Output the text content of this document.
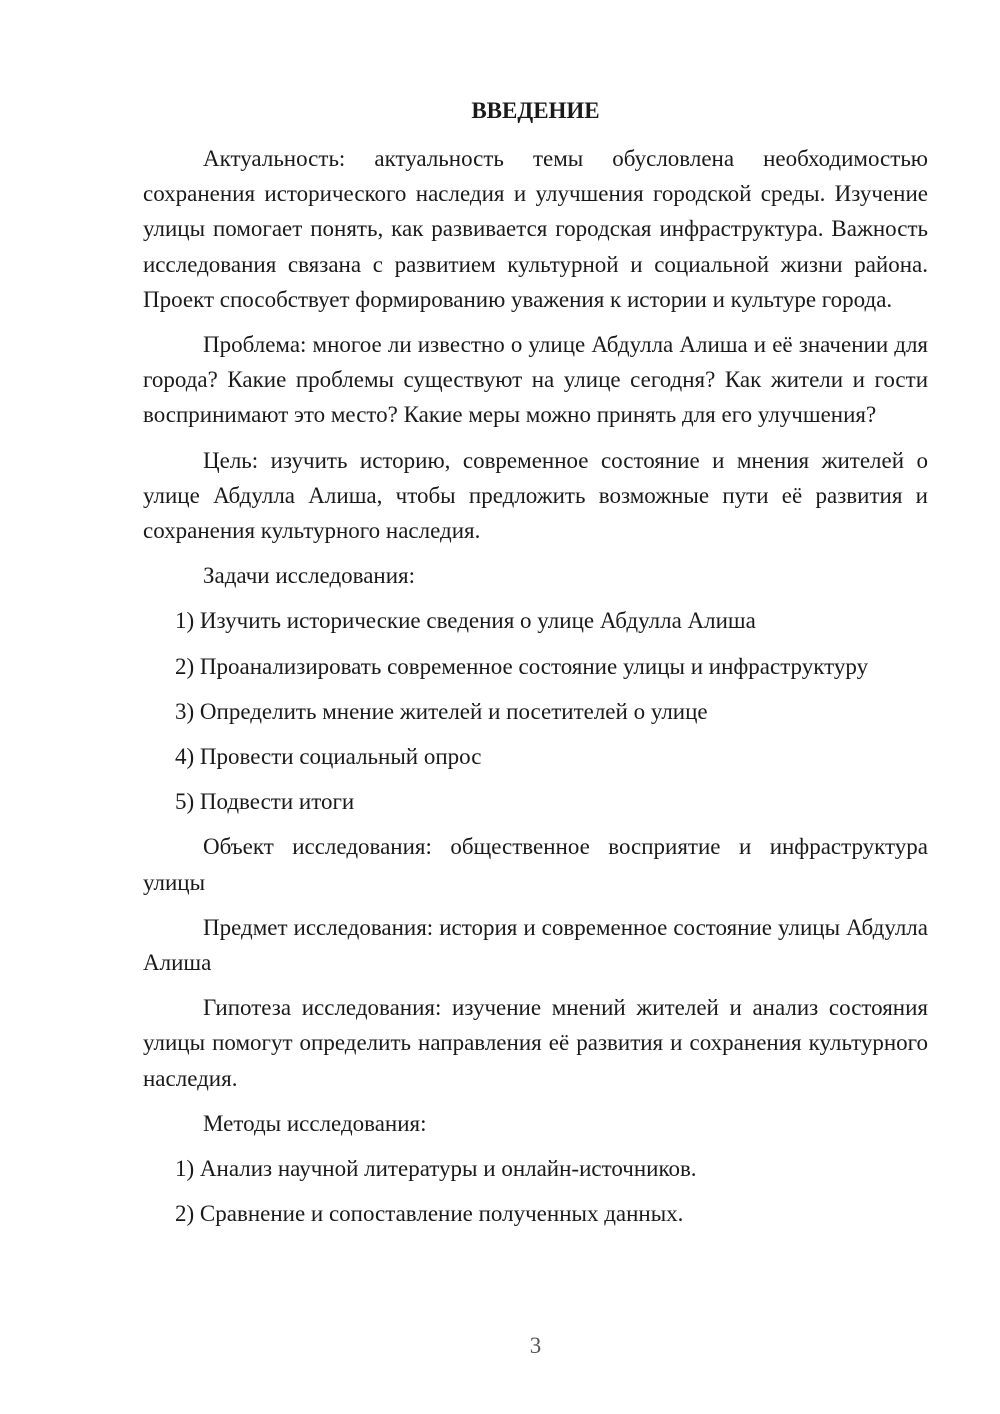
ВВЕДЕНИЕ

Актуальность: актуальность темы обусловлена необходимостью сохранения исторического наследия и улучшения городской среды. Изучение улицы помогает понять, как развивается городская инфраструктура. Важность исследования связана с развитием культурной и социальной жизни района. Проект способствует формированию уважения к истории и культуре города.

Проблема: многое ли известно о улице Абдулла Алиша и её значении для города? Какие проблемы существуют на улице сегодня? Как жители и гости воспринимают это место? Какие меры можно принять для его улучшения?

Цель: изучить историю, современное состояние и мнения жителей о улице Абдулла Алиша, чтобы предложить возможные пути её развития и сохранения культурного наследия.

Задачи исследования:

1) Изучить исторические сведения о улице Абдулла Алиша

2) Проанализировать современное состояние улицы и инфраструктуру

3) Определить мнение жителей и посетителей о улице

4) Провести социальный опрос

5) Подвести итоги

Объект исследования: общественное восприятие и инфраструктура улицы

Предмет исследования: история и современное состояние улицы Абдулла Алиша

Гипотеза исследования: изучение мнений жителей и анализ состояния улицы помогут определить направления её развития и сохранения культурного наследия.

Методы исследования:

1) Анализ научной литературы и онлайн-источников.

2) Сравнение и сопоставление полученных данных.

3
